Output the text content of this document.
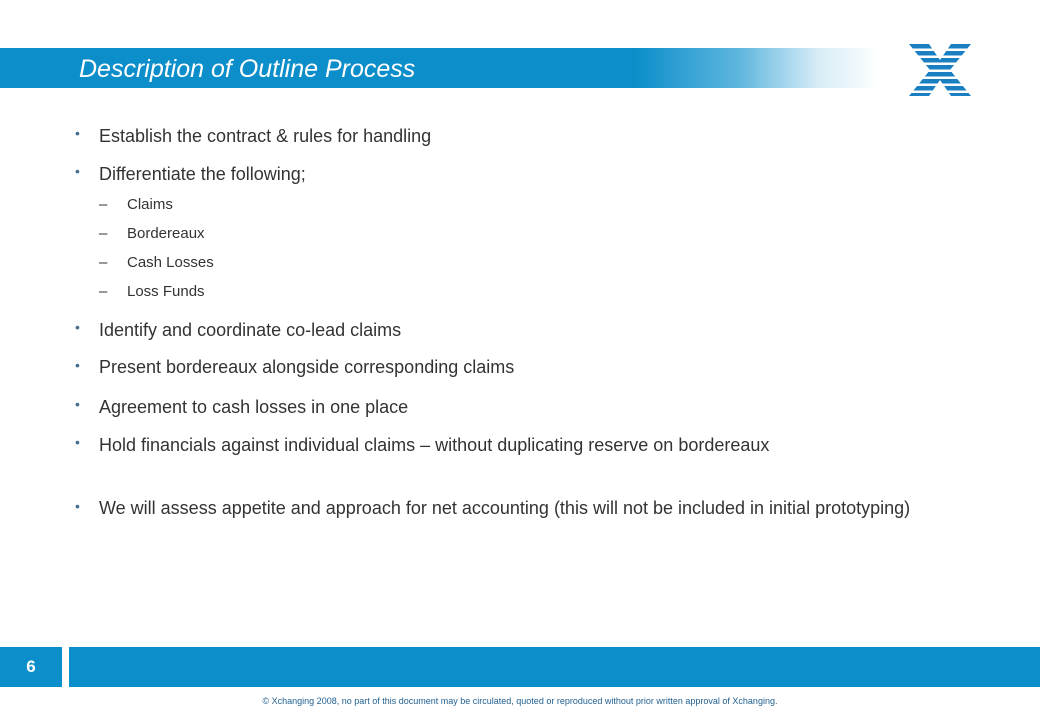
Description of Outline Process
• Establish the contract & rules for handling
• Differentiate the following;
– Claims
– Bordereaux
– Cash Losses
– Loss Funds
• Identify and coordinate co-lead claims
• Present bordereaux alongside corresponding claims
• Agreement to cash losses in one place
• Hold financials against individual claims – without duplicating reserve on bordereaux
• We will assess appetite and approach for net accounting (this will not be included in initial prototyping)
6
© Xchanging 2008, no part of this document may be circulated, quoted or reproduced without prior written approval of Xchanging.
